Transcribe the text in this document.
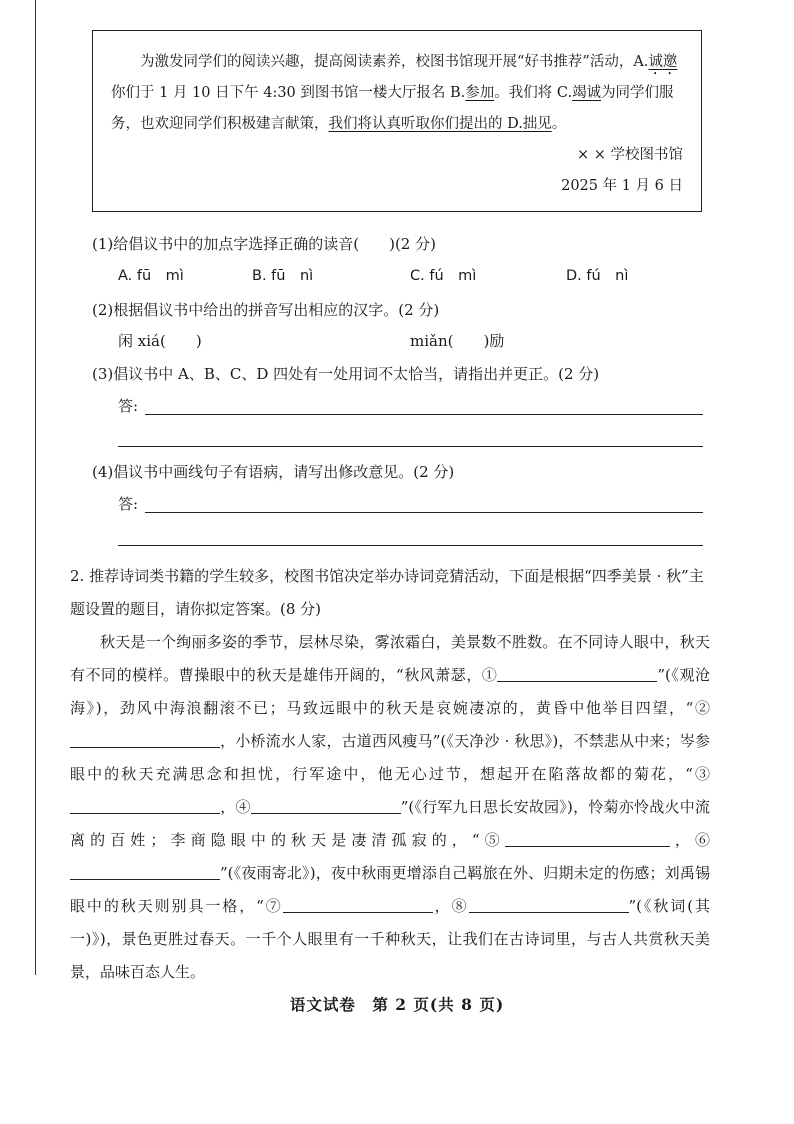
为激发同学们的阅读兴趣，提高阅读素养，校图书馆现开展“好书推荐”活动，A.诚邀你们于 1 月 10 日下午 4:30 到图书馆一楼大厅报名 B.参加。我们将 C.竭诚为同学们服务，也欢迎同学们积极建言献策，我们将认真听取你们提出的 D.拙见。

× × 学校图书馆

2025 年 1 月 6 日

(1)给倡议书中的加点字选择正确的读音(　　)(2 分)
A. fū　mì	B. fū　nì	C. fú　mì	D. fú　nì
(2)根据倡议书中给出的拼音写出相应的汉字。(2 分)
闲 xiá(　　)	miǎn(　　)励
(3)倡议书中 A、B、C、D 四处有一处用词不太恰当，请指出并更正。(2 分)
答:
(4)倡议书中画线句子有语病，请写出修改意见。(2 分)
答:

2. 推荐诗词类书籍的学生较多，校图书馆决定举办诗词竞猜活动，下面是根据“四季美景 · 秋”主题设置的题目，请你拟定答案。(8 分)

秋天是一个绚丽多姿的季节，层林尽染，雾浓霜白，美景数不胜数。在不同诗人眼中，秋天有不同的模样。曹操眼中的秋天是雄伟开阔的，“秋风萧瑟，①	”(《观沧海》)，劲风中海浪翻滚不已；马致远眼中的秋天是哀婉凄凉的，黄昏中他举目四望，“②，小桥流水人家，古道西风瘦马”(《天净沙 · 秋思》)，不禁悲从中来；岑参眼中的秋天充满思念和担忧，行军途中，他无心过节，想起开在陷落故都的菊花，“③，④	”(《行军九日思长安故园》)，怜菊亦怜战火中流离的百姓；李商隐眼中的秋天是凄清孤寂的，“⑤	，⑥”(《夜雨寄北》)，夜中秋雨更增添自己羁旅在外、归期未定的伤感；刘禹锡眼中的秋天则别具一格，“⑦	，⑧	”(《秋词(其一)》)，景色更胜过春天。一千个人眼里有一千种秋天，让我们在古诗词里，与古人共赏秋天美景，品味百态人生。

语文试卷　第 2 页(共 8 页)
